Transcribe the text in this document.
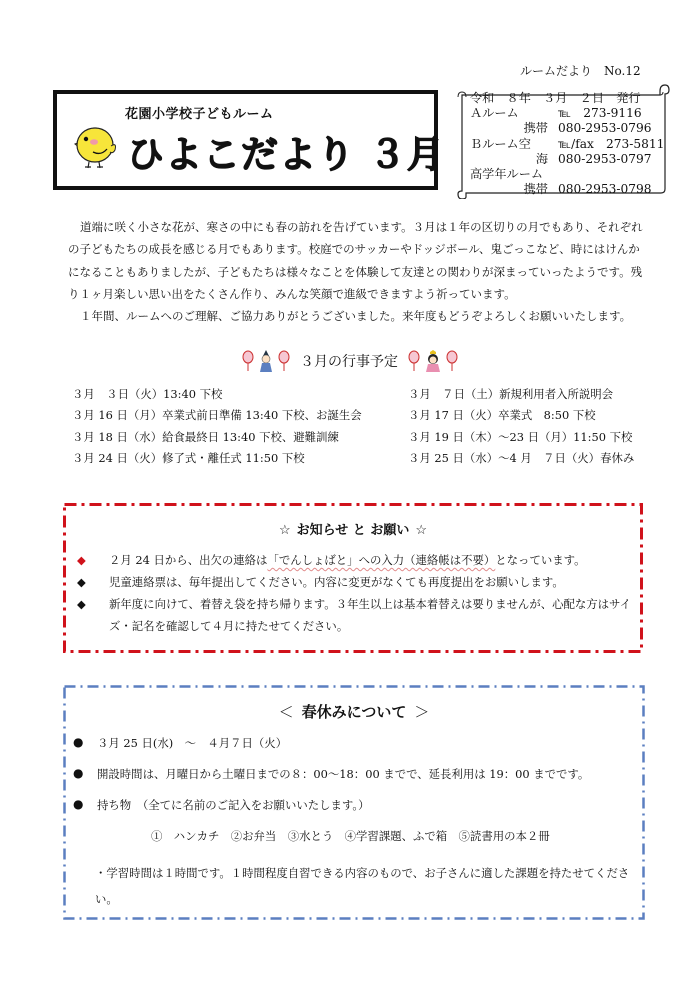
ルームだより　No.12
花園小学校子どもルーム
ひよこだより ３月
令和　８年　３月　２日　発行
Ａルーム	℡　273-9116
携帯 080-2953-0796
Ｂルーム空	℡/fax　273-5811
海 080-2953-0797
高学年ルーム
携帯 080-2953-0798

道端に咲く小さな花が、寒さの中にも春の訪れを告げています。３月は１年の区切りの月でもあり、それぞれの子どもたちの成長を感じる月でもあります。校庭でのサッカーやドッジボール、鬼ごっこなど、時にはけんかになることもありましたが、子どもたちは様々なことを体験して友達との関わりが深まっていったようです。残り１ヶ月楽しい思い出をたくさん作り、みんな笑顔で進級できますよう祈っています。

１年間、ルームへのご理解、ご協力ありがとうございました。来年度もどうぞよろしくお願いいたします。

３月の行事予定
３月　３日（火）13:40 下校	３月　７日（土）新規利用者入所説明会
３月 16 日（月）卒業式前日準備 13:40 下校、お誕生会	３月 17 日（火）卒業式　8:50 下校
３月 18 日（水）給食最終日 13:40 下校、避難訓練	３月 19 日（木）～23 日（月）11:50 下校
３月 24 日（火）修了式・離任式 11:50 下校	３月 25 日（水）～4 月　７日（火）春休み
☆ お知らせ と お願い ☆
◆	２月 24 日から、出欠の連絡は「でんしょばと」への入力（連絡帳は不要）となっています。
◆	児童連絡票は、毎年提出してください。内容に変更がなくても再度提出をお願いします。
◆	新年度に向けて、着替え袋を持ち帰ります。３年生以上は基本着替えは要りませんが、心配な方はサイズ・記名を確認して４月に持たせてください。
＜ 春休みについて ＞
●	３月 25 日(水)　～　４月７日（火）
●	開設時間は、月曜日から土曜日までの８：00～18：00 までで、延長利用は 19：00 までです。
●	持ち物　（全てに名前のご記入をお願いいたします。）
①　ハンカチ　②お弁当　③水とう　④学習課題、ふで箱　⑤読書用の本２冊
・学習時間は１時間です。１時間程度自習できる内容のもので、お子さんに適した課題を持たせてください。
